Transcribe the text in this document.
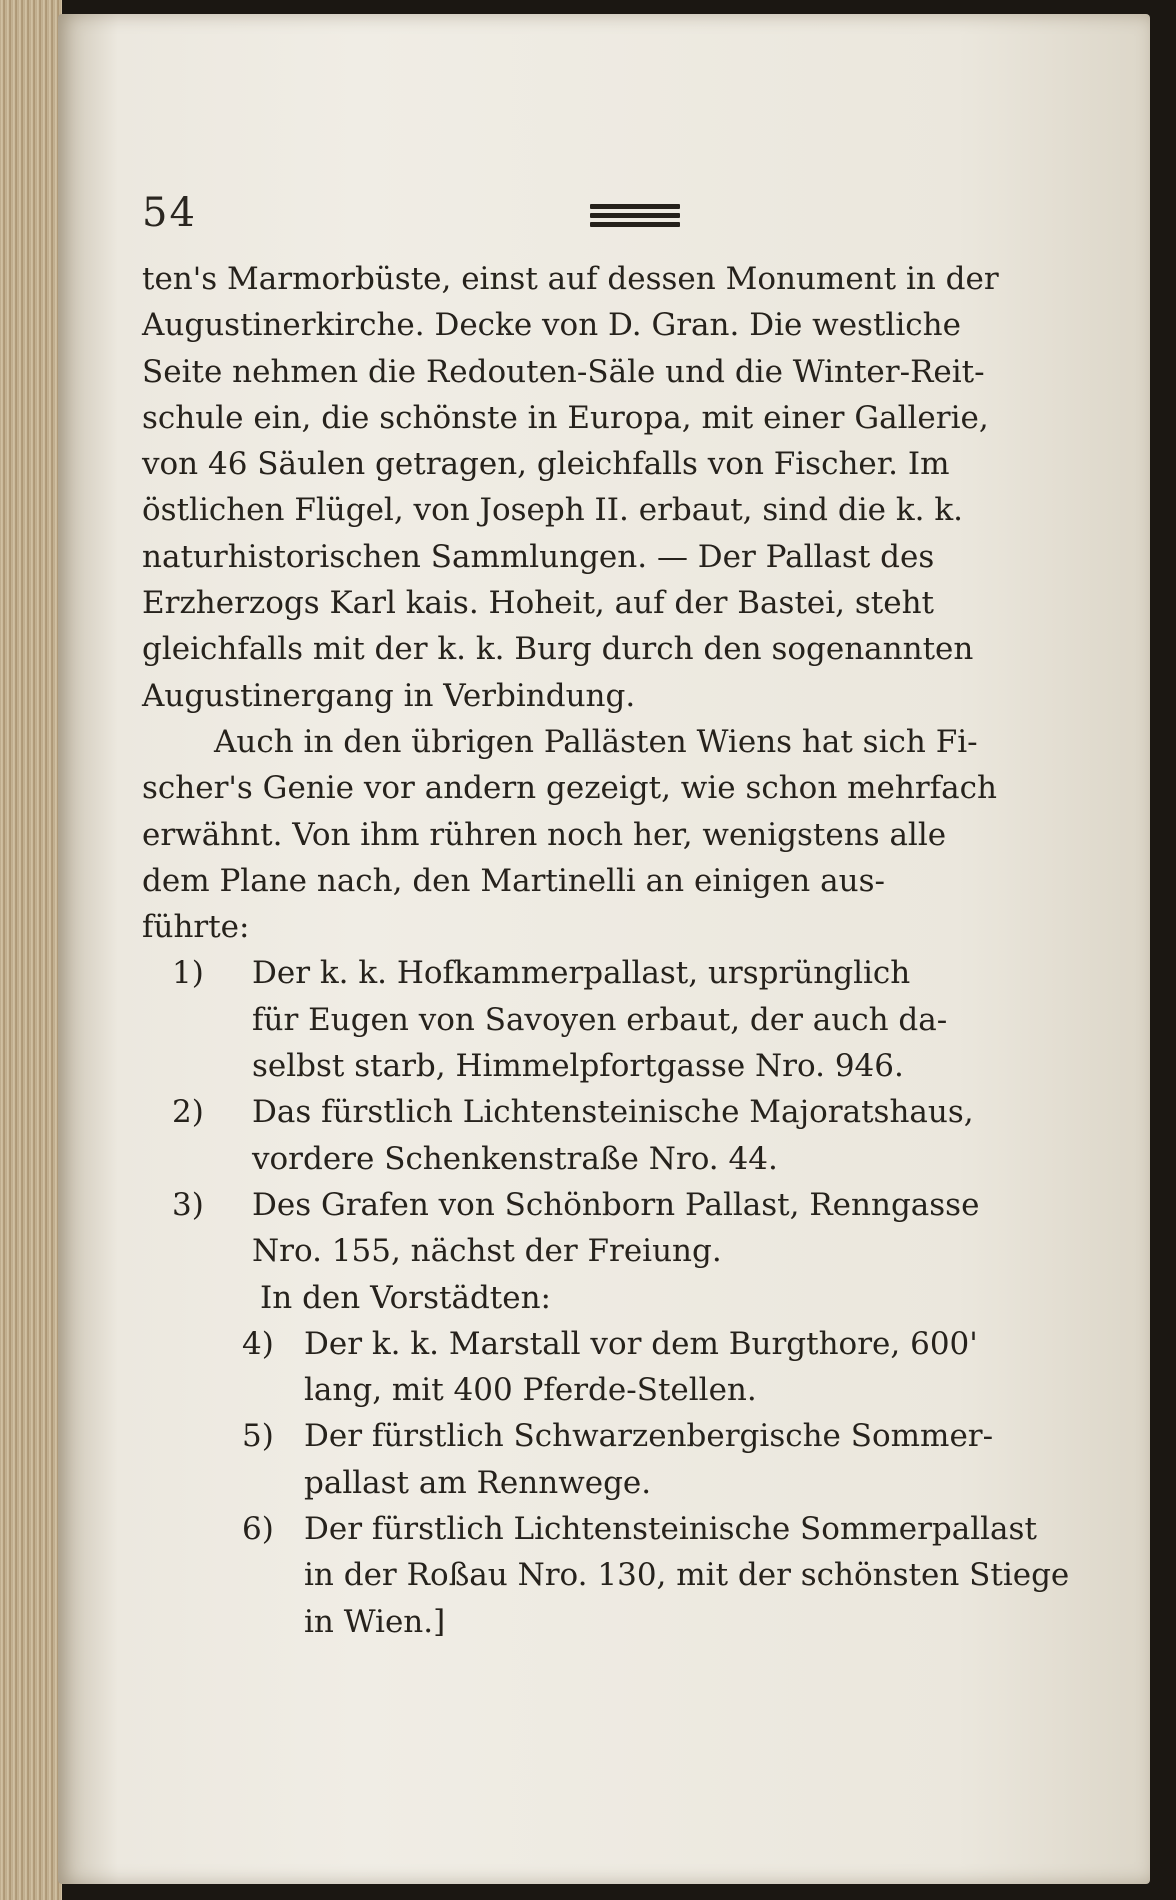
54
ten's Marmorbüste, einst auf dessen Monument in der
Augustinerkirche. Decke von D. Gran. Die westliche
Seite nehmen die Redouten-Säle und die Winter-Reit-
schule ein, die schönste in Europa, mit einer Gallerie,
von 46 Säulen getragen, gleichfalls von Fischer. Im
östlichen Flügel, von Joseph II. erbaut, sind die k. k.
naturhistorischen Sammlungen. — Der Pallast des
Erzherzogs Karl kais. Hoheit, auf der Bastei, steht
gleichfalls mit der k. k. Burg durch den sogenannten
Augustinergang in Verbindung.
Auch in den übrigen Pallästen Wiens hat sich Fi-
scher's Genie vor andern gezeigt, wie schon mehrfach
erwähnt. Von ihm rühren noch her, wenigstens alle
dem Plane nach, den Martinelli an einigen aus-
führte:
1) Der k. k. Hofkammerpallast, ursprünglich
für Eugen von Savoyen erbaut, der auch da-
selbst starb, Himmelpfortgasse Nro. 946.
2) Das fürstlich Lichtensteinische Majoratshaus,
vordere Schenkenstraße Nro. 44.
3) Des Grafen von Schönborn Pallast, Renngasse
Nro. 155, nächst der Freiung.
In den Vorstädten:
4) Der k. k. Marstall vor dem Burgthore, 600'
lang, mit 400 Pferde-Stellen.
5) Der fürstlich Schwarzenbergische Sommer-
pallast am Rennwege.
6) Der fürstlich Lichtensteinische Sommerpallast
in der Roßau Nro. 130, mit der schönsten Stiege
in Wien.]
